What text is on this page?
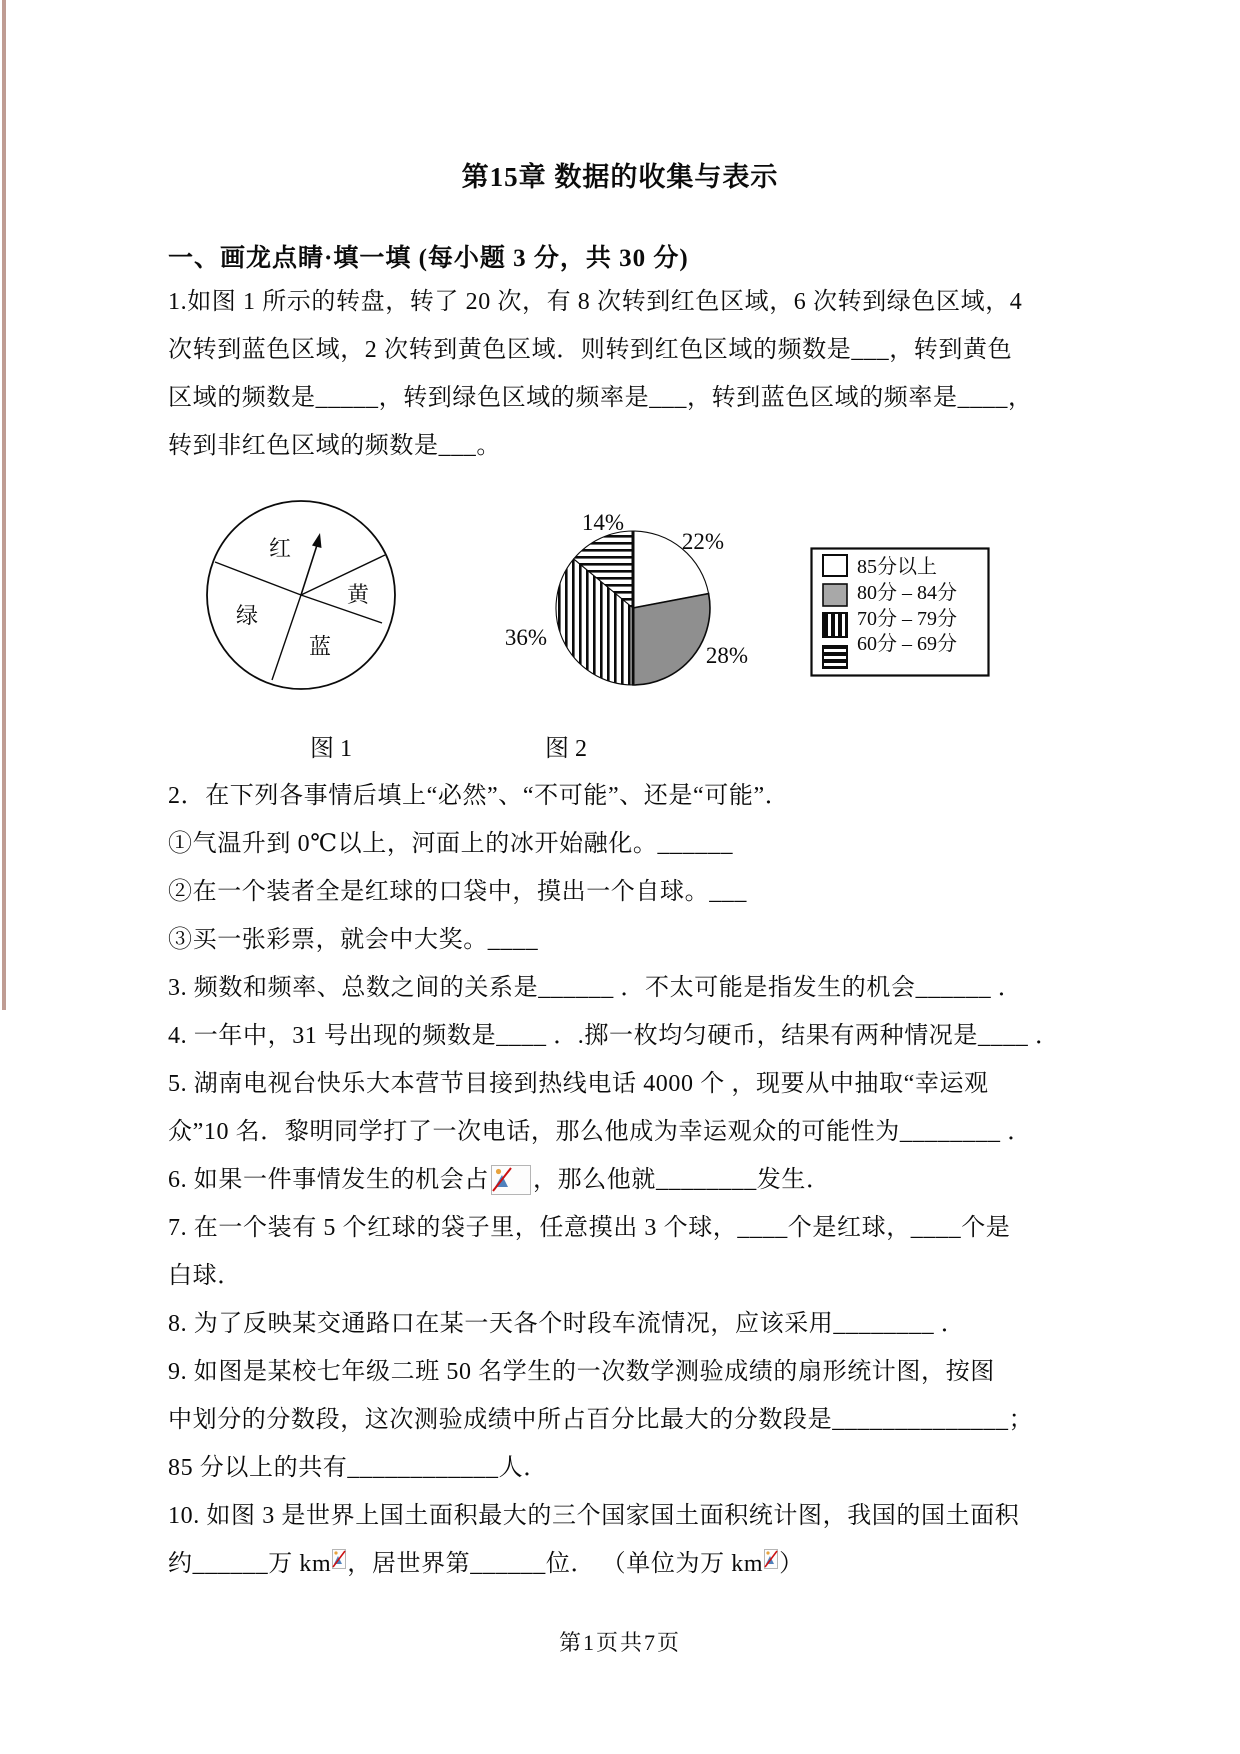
第15章 数据的收集与表示
一、画龙点睛·填一填 (每小题 3 分，共 30 分)
1.如图 1 所示的转盘，转了 20 次，有 8 次转到红色区域，6 次转到绿色区域，4
次转到蓝色区域，2 次转到黄色区域．则转到红色区域的频数是___，转到黄色
区域的频数是_____，转到绿色区域的频率是___，转到蓝色区域的频率是____，
转到非红色区域的频数是___。
红
黄
绿
蓝
14%
22%
36%
28%
85分以上
80分 – 84分
70分 – 79分
60分 – 69分
图 1	图 2
2．在下列各事情后填上“必然”、“不可能”、还是“可能”．
①气温升到 0℃以上，河面上的冰开始融化。______
②在一个装者全是红球的口袋中，摸出一个自球。___
③买一张彩票，就会中大奖。____
3. 频数和频率、总数之间的关系是______ ．不太可能是指发生的机会______ ．
4. 一年中，31 号出现的频数是____ ．.掷一枚均匀硬币，结果有两种情况是____ ．
5. 湖南电视台快乐大本营节目接到热线电话 4000 个 ，现要从中抽取“幸运观
众”10 名．黎明同学打了一次电话，那么他成为幸运观众的可能性为________ ．
6. 如果一件事情发生的机会占 ，那么他就________发生．
7. 在一个装有 5 个红球的袋子里，任意摸出 3 个球，____个是红球，____个是
白球．
8. 为了反映某交通路口在某一天各个时段车流情况，应该采用________ ．
9. 如图是某校七年级二班 50 名学生的一次数学测验成绩的扇形统计图，按图
中划分的分数段，这次测验成绩中所占百分比最大的分数段是______________；
85 分以上的共有____________人．
10. 如图 3 是世界上国土面积最大的三个国家国土面积统计图，我国的国土面积
约______万 km ，居世界第______位． （单位为万 km ）
第1页共7页
